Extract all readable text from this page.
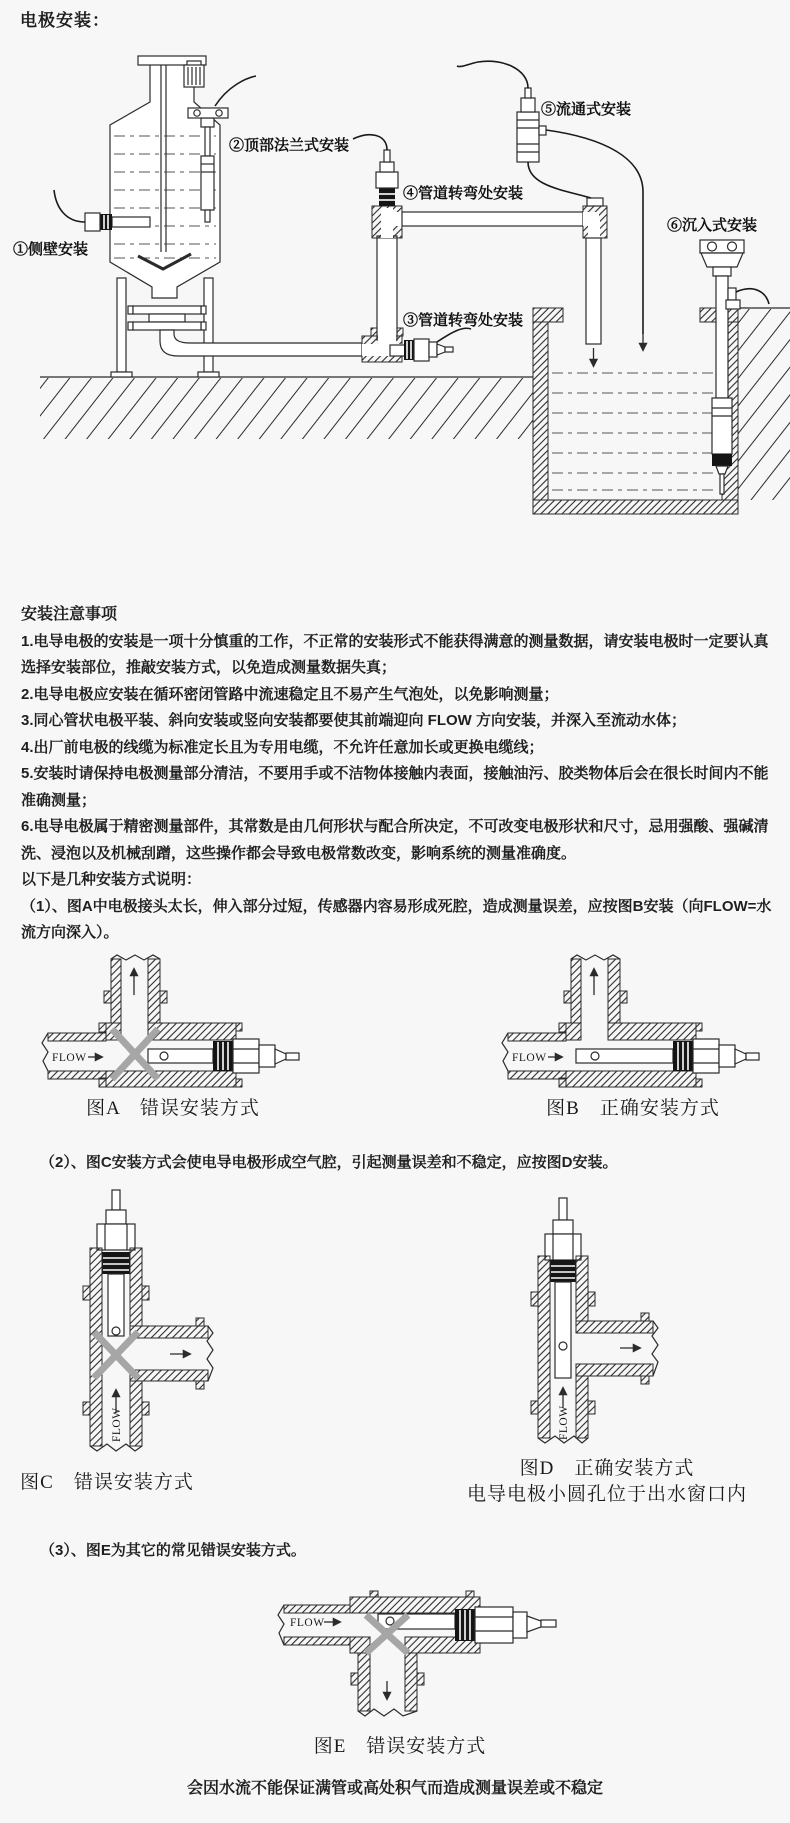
电极安装：
①侧壁安装
②顶部法兰式安装
③管道转弯处安装
④管道转弯处安装
⑤流通式安装
⑥沉入式安装

安装注意事项

1.电导电极的安装是一项十分慎重的工作，不正常的安装形式不能获得满意的测量数据，请安装电极时一定要认真选择安装部位，推敲安装方式，以免造成测量数据失真；

2.电导电极应安装在循环密闭管路中流速稳定且不易产生气泡处，以免影响测量；

3.同心管状电极平装、斜向安装或竖向安装都要使其前端迎向 FLOW 方向安装，并深入至流动水体；

4.出厂前电极的线缆为标准定长且为专用电缆，不允许任意加长或更换电缆线；

5.安装时请保持电极测量部分清洁，不要用手或不洁物体接触内表面，接触油污、胶类物体后会在很长时间内不能准确测量；

6.电导电极属于精密测量部件，其常数是由几何形状与配合所决定，不可改变电极形状和尺寸，忌用强酸、强碱清洗、浸泡以及机械刮蹭，这些操作都会导致电极常数改变，影响系统的测量准确度。

以下是几种安装方式说明：

（1）、图A中电极接头太长，伸入部分过短，传感器内容易形成死腔，造成测量误差，应按图B安装（向FLOW=水流方向深入）。

FLOW
图A　错误安装方式
FLOW
图B　正确安装方式
（2）、图C安装方式会使电导电极形成空气腔，引起测量误差和不稳定，应按图D安装。
FLOW
图C　错误安装方式
FLOW
图D　正确安装方式
电导电极小圆孔位于出水窗口内
（3）、图E为其它的常见错误安装方式。
FLOW
图E　错误安装方式
会因水流不能保证满管或高处积气而造成测量误差或不稳定
